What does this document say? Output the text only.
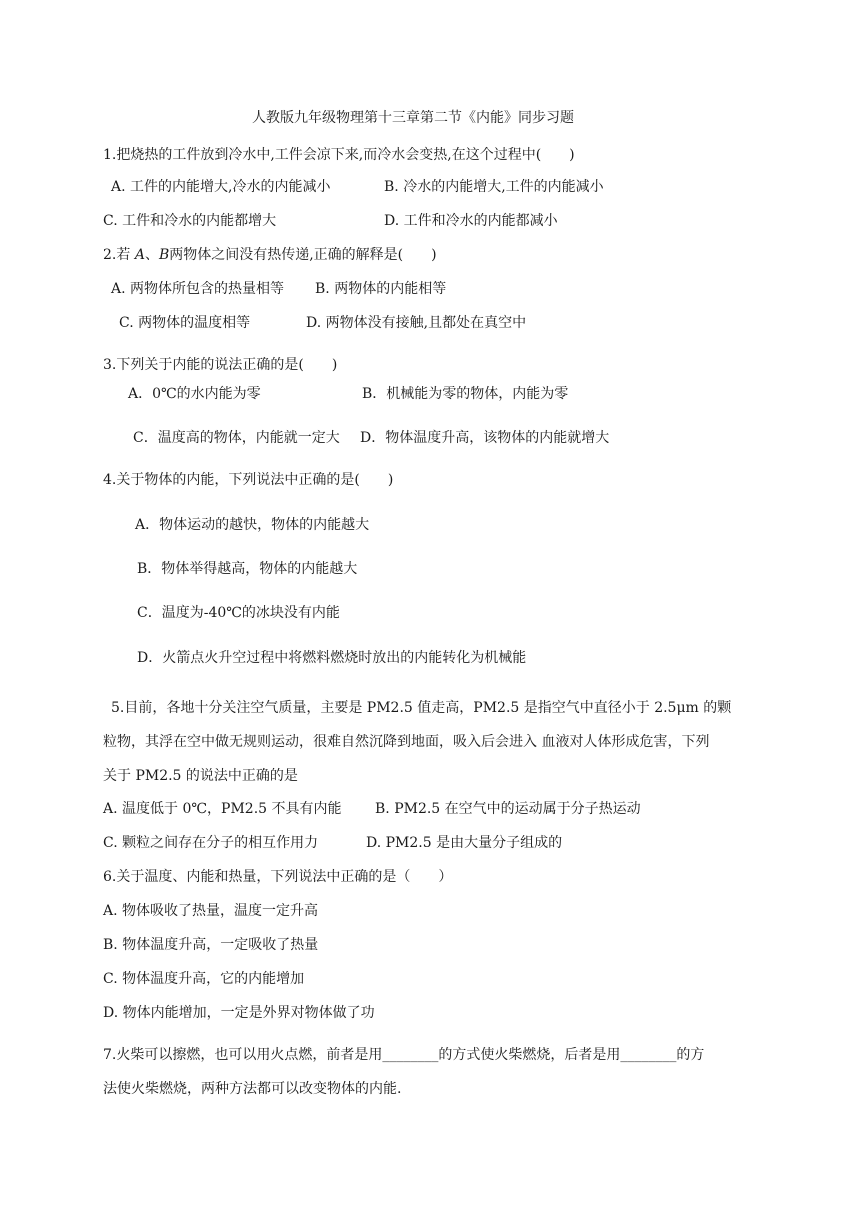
人教版九年级物理第十三章第二节《内能》同步习题
1.把烧热的工件放到冷水中,工件会凉下来,而冷水会变热,在这个过程中(　　)
A. 工件的内能增大,冷水的内能减小	B. 冷水的内能增大,工件的内能减小
C. 工件和冷水的内能都增大	D. 工件和冷水的内能都减小
2.若 A、B两物体之间没有热传递,正确的解释是(　　)
A. 两物体所包含的热量相等 B. 两物体的内能相等
C. 两物体的温度相等	D. 两物体没有接触,且都处在真空中
3.下列关于内能的说法正确的是(　　)
A．0℃的水内能为零	B．机械能为零的物体，内能为零
C．温度高的物体，内能就一定大 D．物体温度升高，该物体的内能就增大
4.关于物体的内能，下列说法中正确的是(　　)
A．物体运动的越快，物体的内能越大
B．物体举得越高，物体的内能越大
C．温度为-40℃的冰块没有内能
D．火箭点火升空过程中将燃料燃烧时放出的内能转化为机械能
5.目前，各地十分关注空气质量，主要是 PM2.5 值走高，PM2.5 是指空气中直径小于 2.5μm 的颗
粒物，其浮在空中做无规则运动，很难自然沉降到地面，吸入后会进入 血液对人体形成危害，下列
关于 PM2.5 的说法中正确的是
A. 温度低于 0℃，PM2.5 不具有内能 B. PM2.5 在空气中的运动属于分子热运动
C. 颗粒之间存在分子的相互作用力	D. PM2.5 是由大量分子组成的
6.关于温度、内能和热量，下列说法中正确的是（　　）
A. 物体吸收了热量，温度一定升高
B. 物体温度升高，一定吸收了热量
C. 物体温度升高，它的内能增加
D. 物体内能增加，一定是外界对物体做了功
7.火柴可以擦燃，也可以用火点燃，前者是用________的方式使火柴燃烧，后者是用________的方
法使火柴燃烧，两种方法都可以改变物体的内能.
